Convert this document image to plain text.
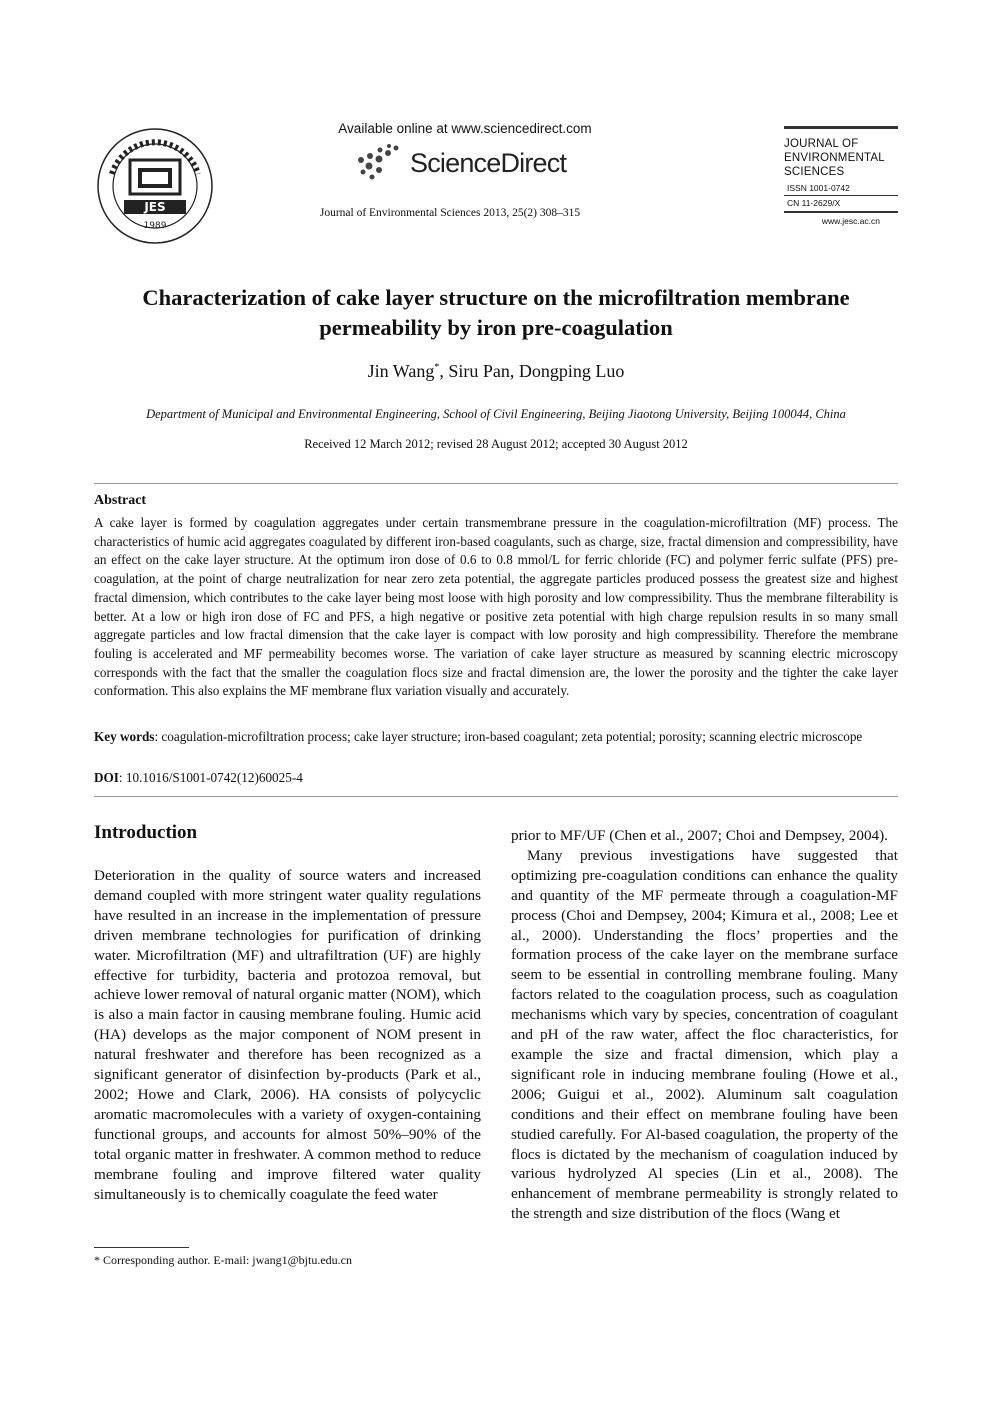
JES
1989
Available online at www.sciencedirect.com
ScienceDirect
Journal of Environmental Sciences 2013, 25(2) 308–315
JOURNAL OF
ENVIRONMENTAL
SCIENCES
ISSN 1001-0742
CN 11-2629/X
www.jesc.ac.cn
Characterization of cake layer structure on the microfiltration membrane
permeability by iron pre-coagulation
Jin Wang*, Siru Pan, Dongping Luo
Department of Municipal and Environmental Engineering, School of Civil Engineering, Beijing Jiaotong University, Beijing 100044, China
Received 12 March 2012; revised 28 August 2012; accepted 30 August 2012
Abstract
A cake layer is formed by coagulation aggregates under certain transmembrane pressure in the coagulation-microfiltration (MF) process. The characteristics of humic acid aggregates coagulated by different iron-based coagulants, such as charge, size, fractal dimension and compressibility, have an effect on the cake layer structure. At the optimum iron dose of 0.6 to 0.8 mmol/L for ferric chloride (FC) and polymer ferric sulfate (PFS) pre-coagulation, at the point of charge neutralization for near zero zeta potential, the aggregate particles produced possess the greatest size and highest fractal dimension, which contributes to the cake layer being most loose with high porosity and low compressibility. Thus the membrane filterability is better. At a low or high iron dose of FC and PFS, a high negative or positive zeta potential with high charge repulsion results in so many small aggregate particles and low fractal dimension that the cake layer is compact with low porosity and high compressibility. Therefore the membrane fouling is accelerated and MF permeability becomes worse. The variation of cake layer structure as measured by scanning electric microscopy corresponds with the fact that the smaller the coagulation flocs size and fractal dimension are, the lower the porosity and the tighter the cake layer conformation. This also explains the MF membrane flux variation visually and accurately.
Key words: coagulation-microfiltration process; cake layer structure; iron-based coagulant; zeta potential; porosity; scanning electric microscope
DOI: 10.1016/S1001-0742(12)60025-4
Introduction

Deterioration in the quality of source waters and increased demand coupled with more stringent water quality regulations have resulted in an increase in the implementation of pressure driven membrane technologies for purification of drinking water. Microfiltration (MF) and ultrafiltration (UF) are highly effective for turbidity, bacteria and protozoa removal, but achieve lower removal of natural organic matter (NOM), which is also a main factor in causing membrane fouling. Humic acid (HA) develops as the major component of NOM present in natural freshwater and therefore has been recognized as a significant generator of disinfection by-products (Park et al., 2002; Howe and Clark, 2006). HA consists of polycyclic aromatic macromolecules with a variety of oxygen-containing functional groups, and accounts for almost 50%–90% of the total organic matter in freshwater. A common method to reduce membrane fouling and improve filtered water quality simultaneously is to chemically coagulate the feed water

prior to MF/UF (Chen et al., 2007; Choi and Dempsey, 2004).

Many previous investigations have suggested that optimizing pre-coagulation conditions can enhance the quality and quantity of the MF permeate through a coagulation-MF process (Choi and Dempsey, 2004; Kimura et al., 2008; Lee et al., 2000). Understanding the flocs’ properties and the formation process of the cake layer on the membrane surface seem to be essential in controlling membrane fouling. Many factors related to the coagulation process, such as coagulation mechanisms which vary by species, concentration of coagulant and pH of the raw water, affect the floc characteristics, for example the size and fractal dimension, which play a significant role in inducing membrane fouling (Howe et al., 2006; Guigui et al., 2002). Aluminum salt coagulation conditions and their effect on membrane fouling have been studied carefully. For Al-based coagulation, the property of the flocs is dictated by the mechanism of coagulation induced by various hydrolyzed Al species (Lin et al., 2008). The enhancement of membrane permeability is strongly related to the strength and size distribution of the flocs (Wang et

* Corresponding author. E-mail: jwang1@bjtu.edu.cn
